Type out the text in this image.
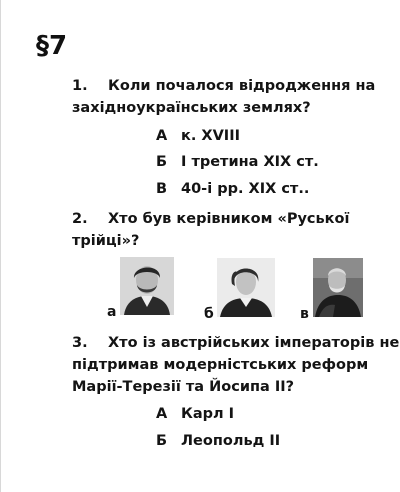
§7
1. Коли почалося відродження на
західноукраїнських землях?
А к. XVIII
Б І третина ХІХ ст.
В 40-і рр. ХІХ ст..
2. Хто був керівником «Руської
трійці»?
а	б	в
3. Хто із австрійських імператорів не
підтримав модерністських реформ
Марії-Терезії та Йосипа ІІ?
А Карл І
Б Леопольд ІІ
